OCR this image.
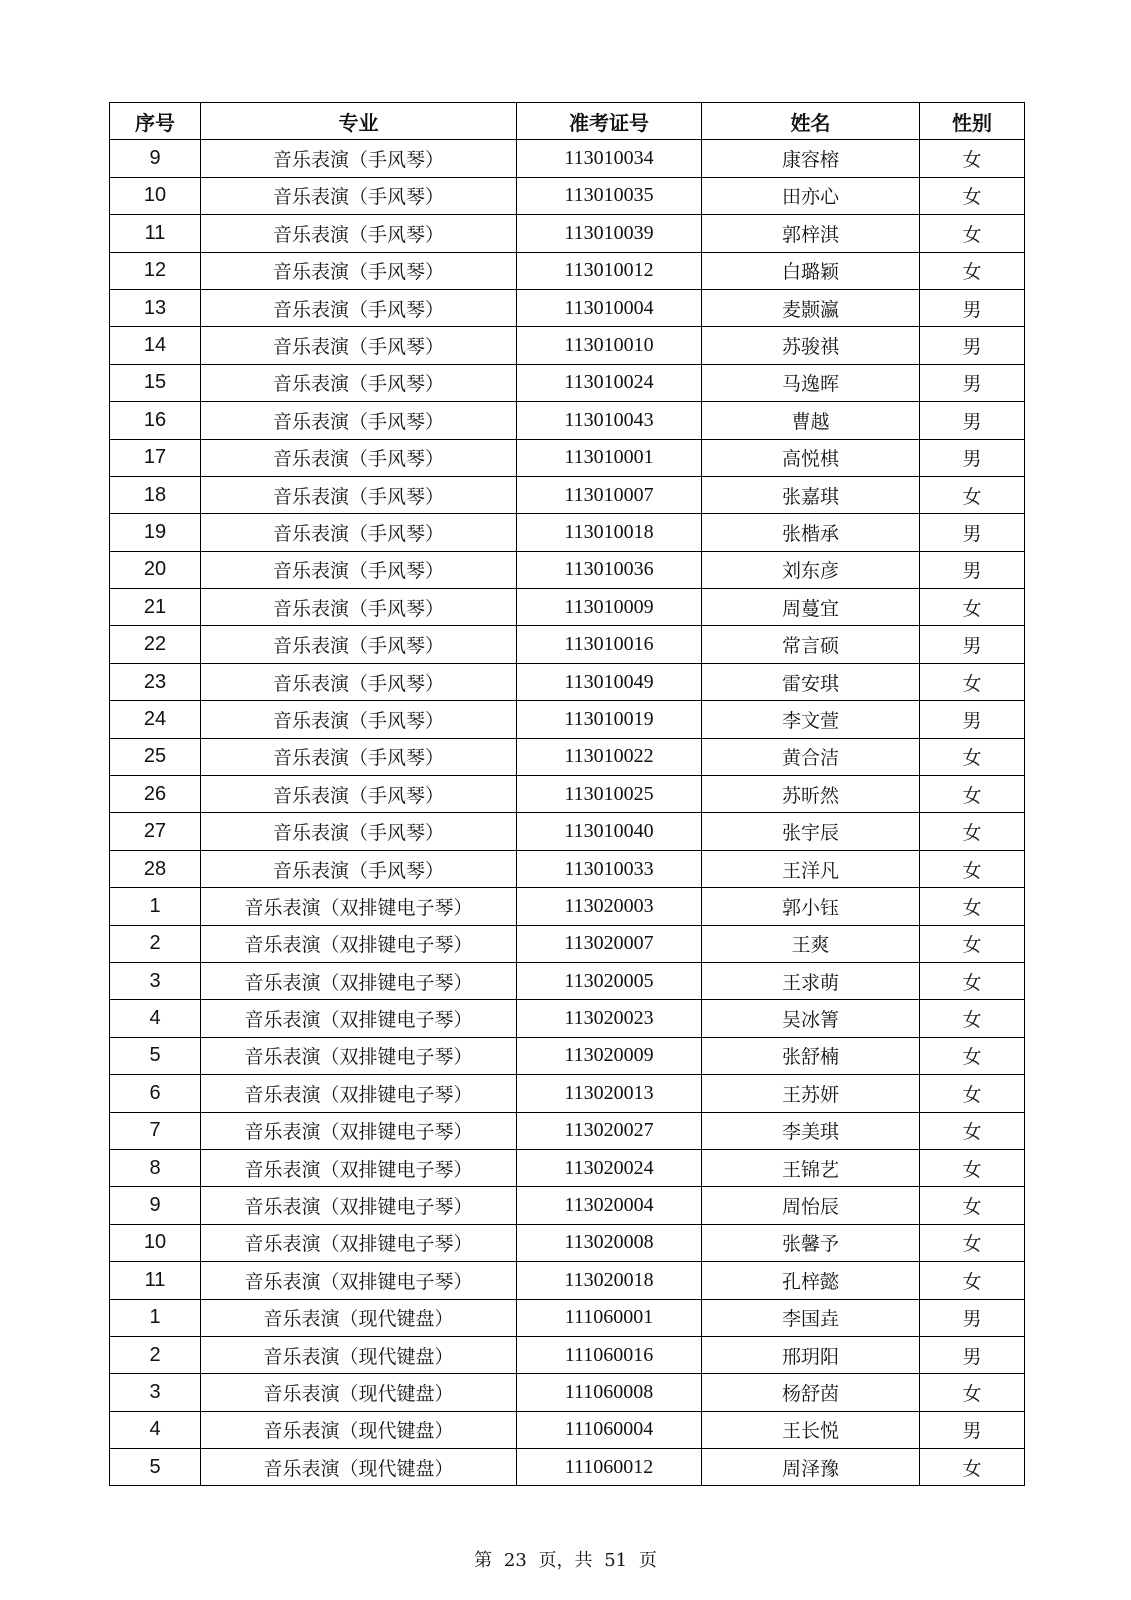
序号	专业	准考证号	姓名	性别
9	音乐表演（手风琴）	113010034	康容榕	女
10	音乐表演（手风琴）	113010035	田亦心	女
11	音乐表演（手风琴）	113010039	郭梓淇	女
12	音乐表演（手风琴）	113010012	白璐颖	女
13	音乐表演（手风琴）	113010004	麦颢瀛	男
14	音乐表演（手风琴）	113010010	苏骏祺	男
15	音乐表演（手风琴）	113010024	马逸晖	男
16	音乐表演（手风琴）	113010043	曹越	男
17	音乐表演（手风琴）	113010001	高悦棋	男
18	音乐表演（手风琴）	113010007	张嘉琪	女
19	音乐表演（手风琴）	113010018	张楷承	男
20	音乐表演（手风琴）	113010036	刘东彦	男
21	音乐表演（手风琴）	113010009	周蔓宜	女
22	音乐表演（手风琴）	113010016	常言硕	男
23	音乐表演（手风琴）	113010049	雷安琪	女
24	音乐表演（手风琴）	113010019	李文萱	男
25	音乐表演（手风琴）	113010022	黄合洁	女
26	音乐表演（手风琴）	113010025	苏昕然	女
27	音乐表演（手风琴）	113010040	张宇辰	女
28	音乐表演（手风琴）	113010033	王洋凡	女
1	音乐表演（双排键电子琴）	113020003	郭小钰	女
2	音乐表演（双排键电子琴）	113020007	王爽	女
3	音乐表演（双排键电子琴）	113020005	王求萌	女
4	音乐表演（双排键电子琴）	113020023	吴冰箐	女
5	音乐表演（双排键电子琴）	113020009	张舒楠	女
6	音乐表演（双排键电子琴）	113020013	王苏妍	女
7	音乐表演（双排键电子琴）	113020027	李美琪	女
8	音乐表演（双排键电子琴）	113020024	王锦艺	女
9	音乐表演（双排键电子琴）	113020004	周怡辰	女
10	音乐表演（双排键电子琴）	113020008	张馨予	女
11	音乐表演（双排键电子琴）	113020018	孔梓懿	女
1	音乐表演（现代键盘）	111060001	李国垚	男
2	音乐表演（现代键盘）	111060016	邢玥阳	男
3	音乐表演（现代键盘）	111060008	杨舒茵	女
4	音乐表演（现代键盘）	111060004	王长悦	男
5	音乐表演（现代键盘）	111060012	周泽豫	女
第 23 页，共 51 页
